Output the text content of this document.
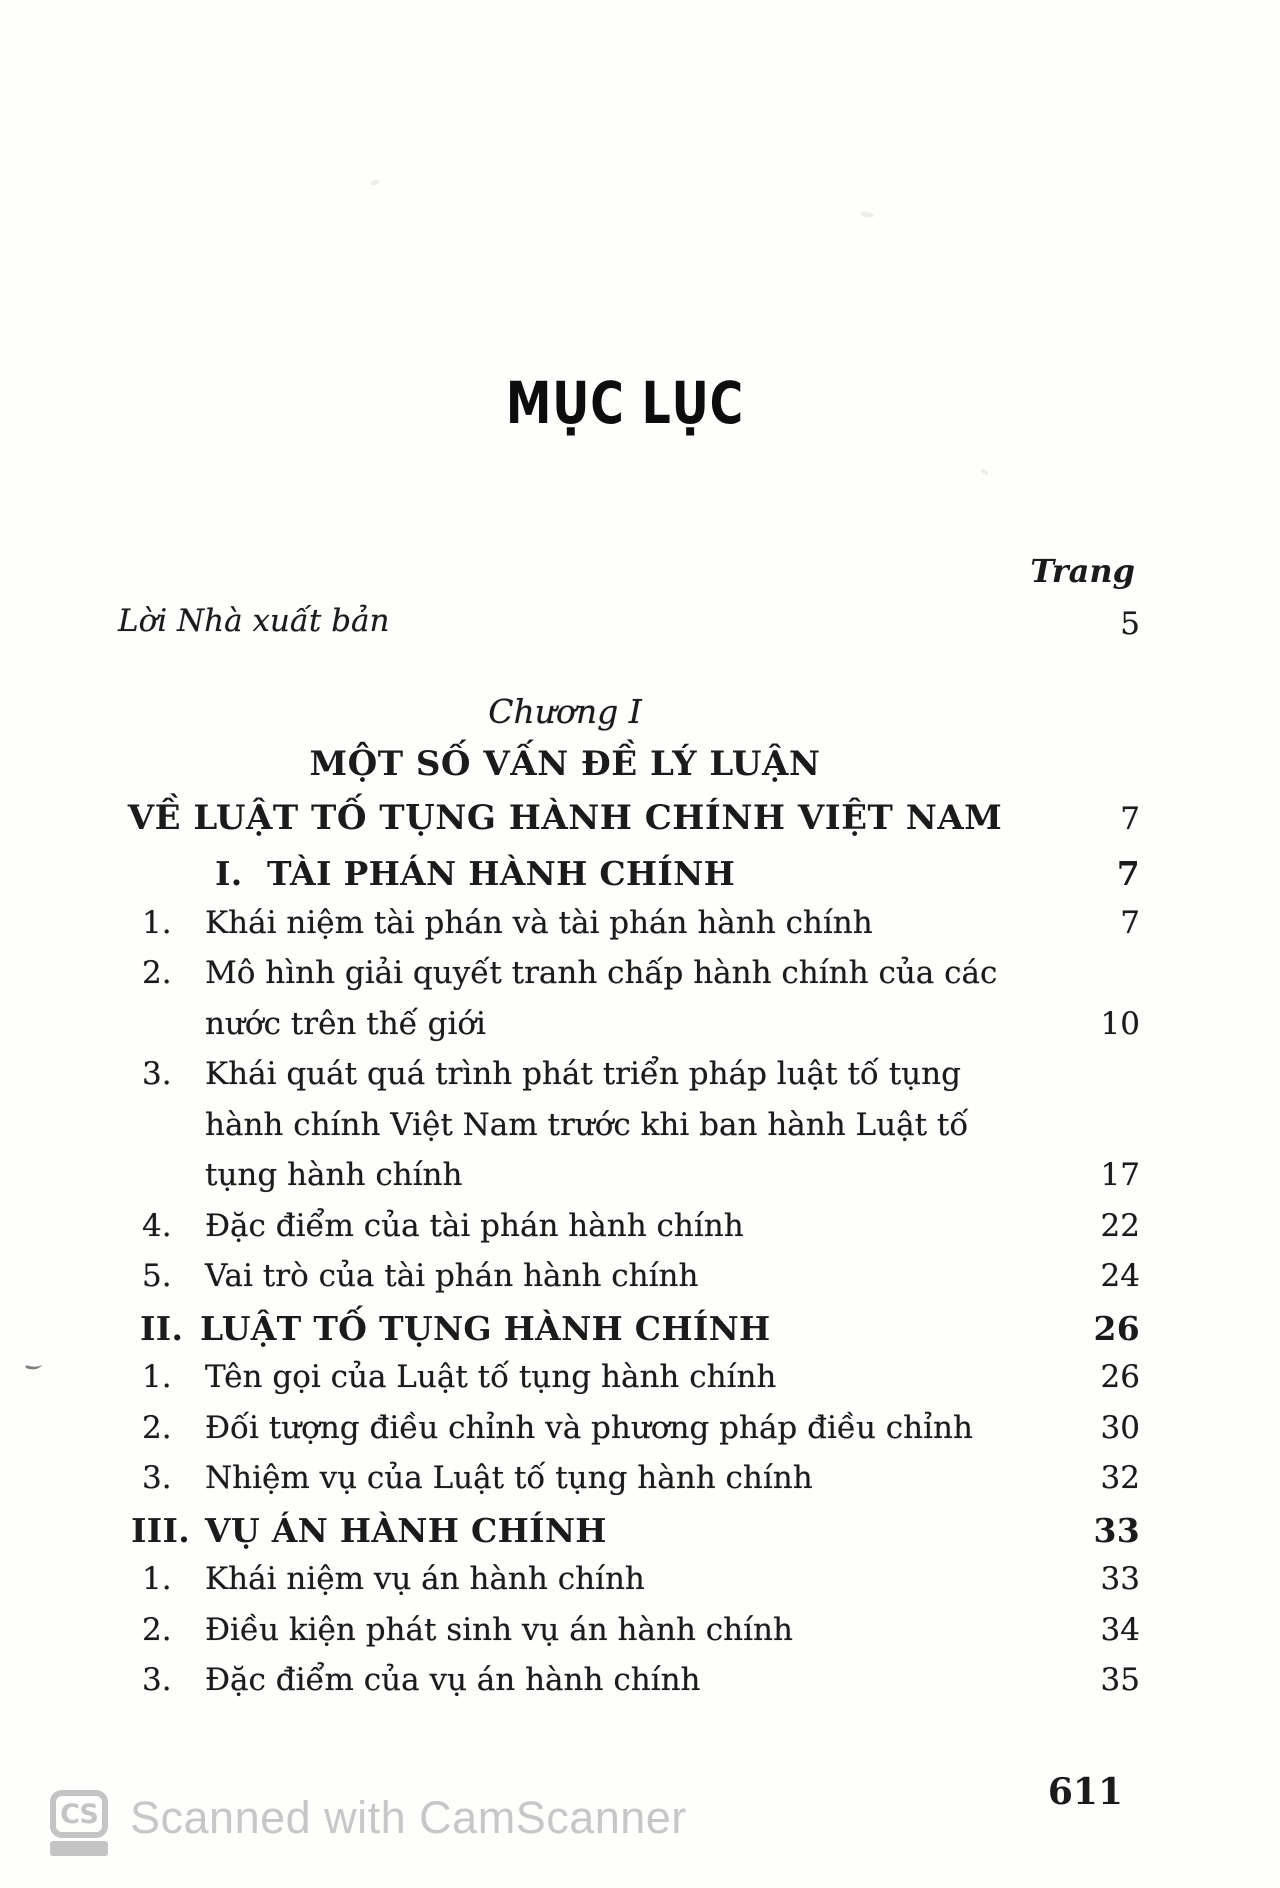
MỤC LỤC
Trang
Lời Nhà xuất bản	5
Chương I
MỘT SỐ VẤN ĐỀ LÝ LUẬN
VỀ LUẬT TỐ TỤNG HÀNH CHÍNH VIỆT NAM	7
I. TÀI PHÁN HÀNH CHÍNH	7
1. Khái niệm tài phán và tài phán hành chính	7
2. Mô hình giải quyết tranh chấp hành chính của các
nước trên thế giới	10
3. Khái quát quá trình phát triển pháp luật tố tụng
hành chính Việt Nam trước khi ban hành Luật tố
tụng hành chính	17
4. Đặc điểm của tài phán hành chính	22
5. Vai trò của tài phán hành chính	24
II. LUẬT TỐ TỤNG HÀNH CHÍNH	26
1. Tên gọi của Luật tố tụng hành chính	26
2. Đối tượng điều chỉnh và phương pháp điều chỉnh	30
3. Nhiệm vụ của Luật tố tụng hành chính	32
III. VỤ ÁN HÀNH CHÍNH	33
1. Khái niệm vụ án hành chính	33
2. Điều kiện phát sinh vụ án hành chính	34
3. Đặc điểm của vụ án hành chính	35
611
CS Scanned with CamScanner
